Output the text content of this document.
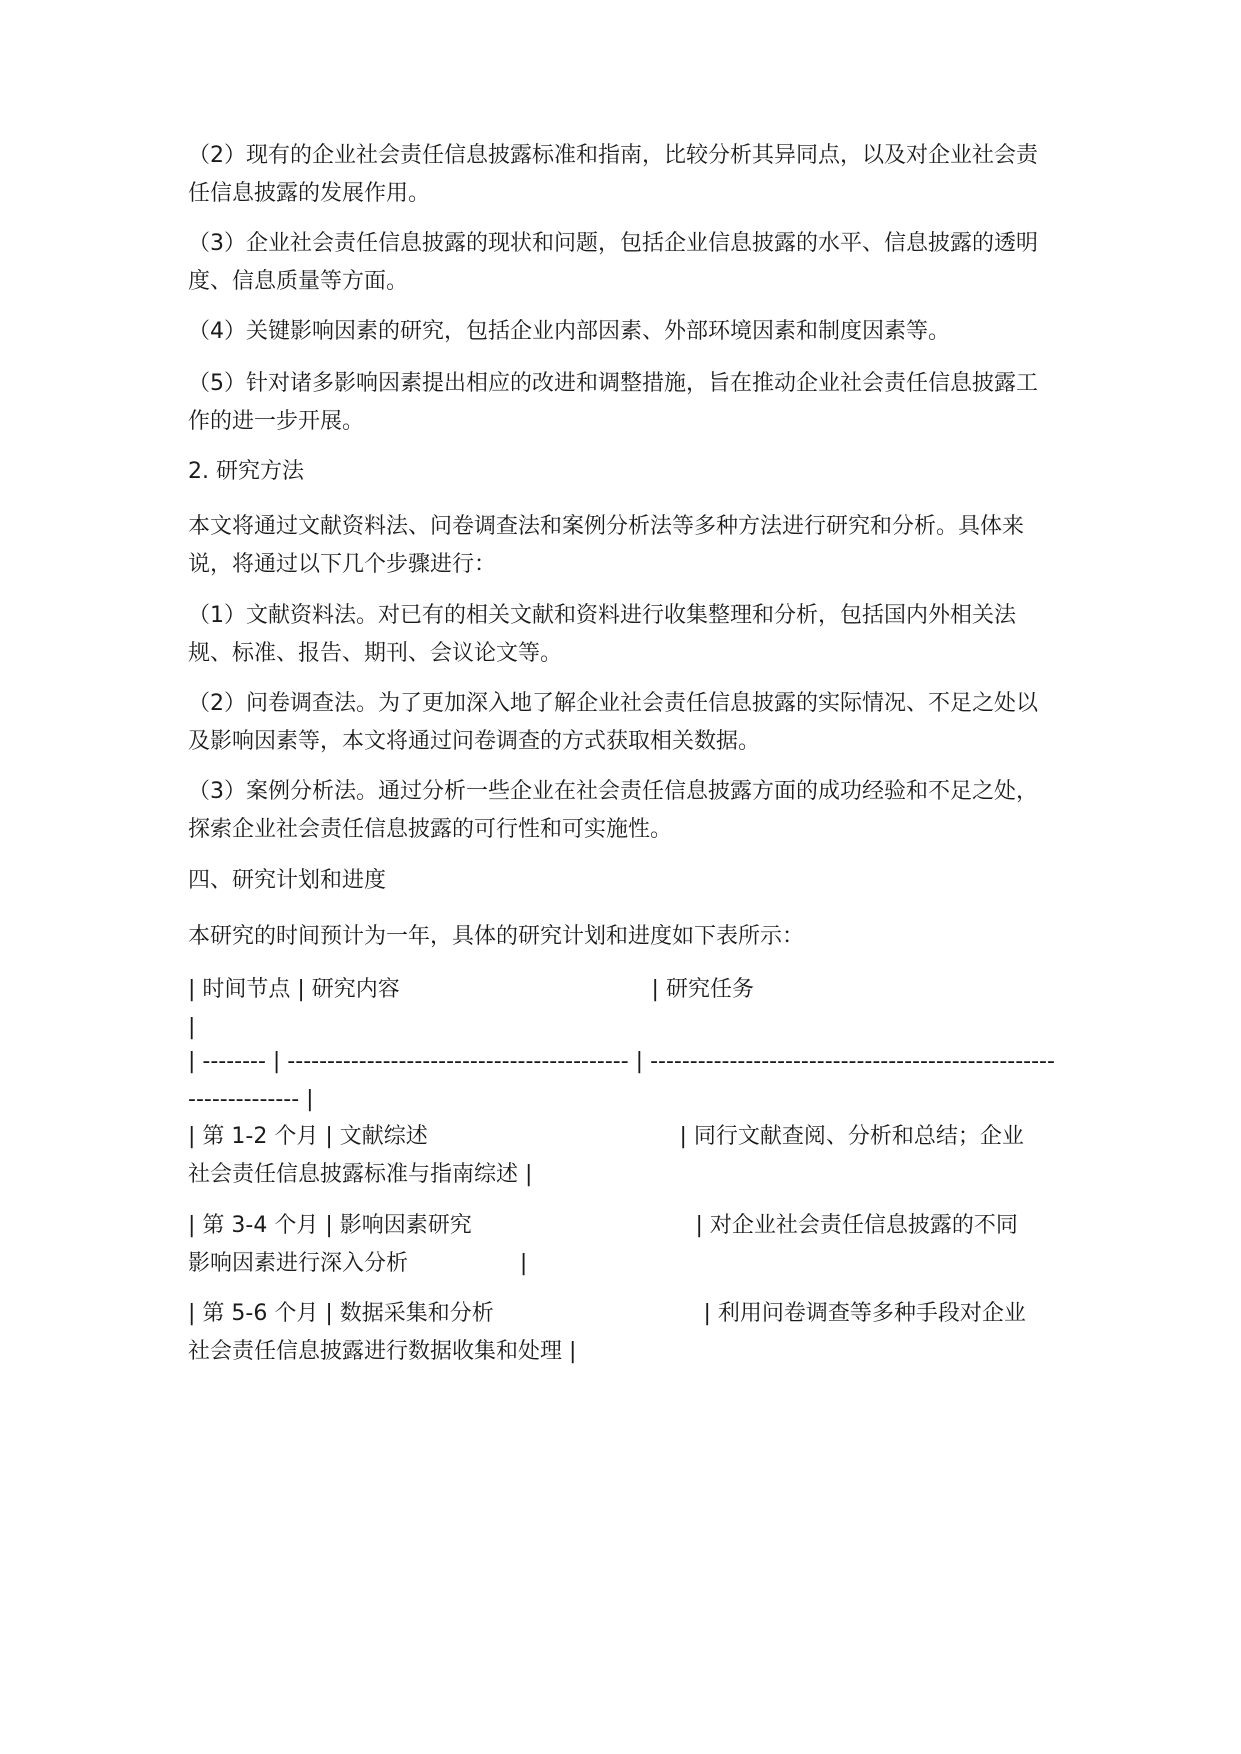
（2）现有的企业社会责任信息披露标准和指南，比较分析其异同点，以及对企业社会责任信息披露的发展作用。

（3）企业社会责任信息披露的现状和问题，包括企业信息披露的水平、信息披露的透明度、信息质量等方面。

（4）关键影响因素的研究，包括企业内部因素、外部环境因素和制度因素等。

（5）针对诸多影响因素提出相应的改进和调整措施，旨在推动企业社会责任信息披露工作的进一步开展。

2. 研究方法

本文将通过文献资料法、问卷调查法和案例分析法等多种方法进行研究和分析。具体来说，将通过以下几个步骤进行：

（1）文献资料法。对已有的相关文献和资料进行收集整理和分析，包括国内外相关法规、标准、报告、期刊、会议论文等。

（2）问卷调查法。为了更加深入地了解企业社会责任信息披露的实际情况、不足之处以及影响因素等，本文将通过问卷调查的方式获取相关数据。

（3）案例分析法。通过分析一些企业在社会责任信息披露方面的成功经验和不足之处，探索企业社会责任信息披露的可行性和可实施性。

四、研究计划和进度

本研究的时间预计为一年，具体的研究计划和进度如下表所示：

| 时间节点 | 研究内容                                    | 研究任务
|

| -------- | ------------------------------------------- | ----------------------------------------------------------------- |

| 第 1-2 个月 | 文献综述                                    | 同行文献查阅、分析和总结；企业
社会责任信息披露标准与指南综述 |

| 第 3-4 个月 | 影响因素研究                                | 对企业社会责任信息披露的不同
影响因素进行深入分析                |

| 第 5-6 个月 | 数据采集和分析                              | 利用问卷调查等多种手段对企业
社会责任信息披露进行数据收集和处理 |
